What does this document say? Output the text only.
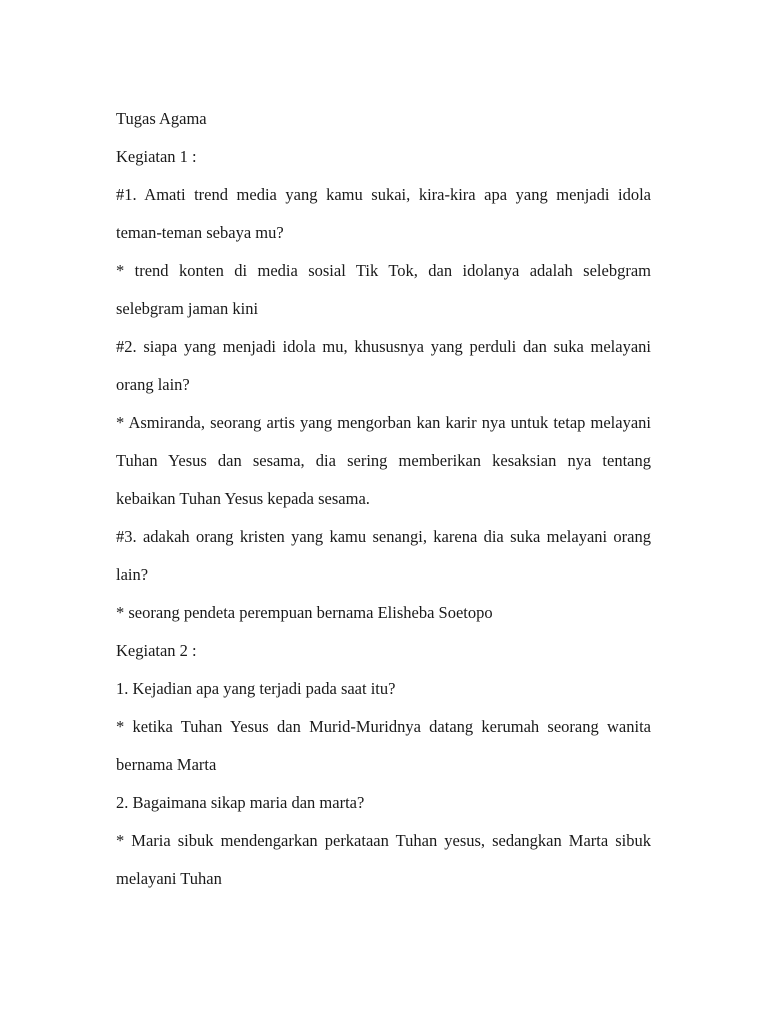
Tugas Agama

Kegiatan 1 :

#1. Amati trend media yang kamu sukai, kira-kira apa yang menjadi idola teman-teman sebaya mu?

* trend konten di media sosial Tik Tok, dan idolanya adalah selebgram selebgram jaman kini

#2. siapa yang menjadi idola mu, khususnya yang perduli dan suka melayani orang lain?

* Asmiranda, seorang artis yang mengorban kan karir nya untuk tetap melayani Tuhan Yesus dan sesama, dia sering memberikan kesaksian nya tentang kebaikan Tuhan Yesus kepada sesama.

#3. adakah orang kristen yang kamu senangi, karena dia suka melayani orang lain?

* seorang pendeta perempuan bernama Elisheba Soetopo

Kegiatan 2 :

1. Kejadian apa yang terjadi pada saat itu?

* ketika Tuhan Yesus dan Murid-Muridnya datang kerumah seorang wanita bernama Marta

2. Bagaimana sikap maria dan marta?

* Maria sibuk mendengarkan perkataan Tuhan yesus, sedangkan Marta sibuk melayani Tuhan
